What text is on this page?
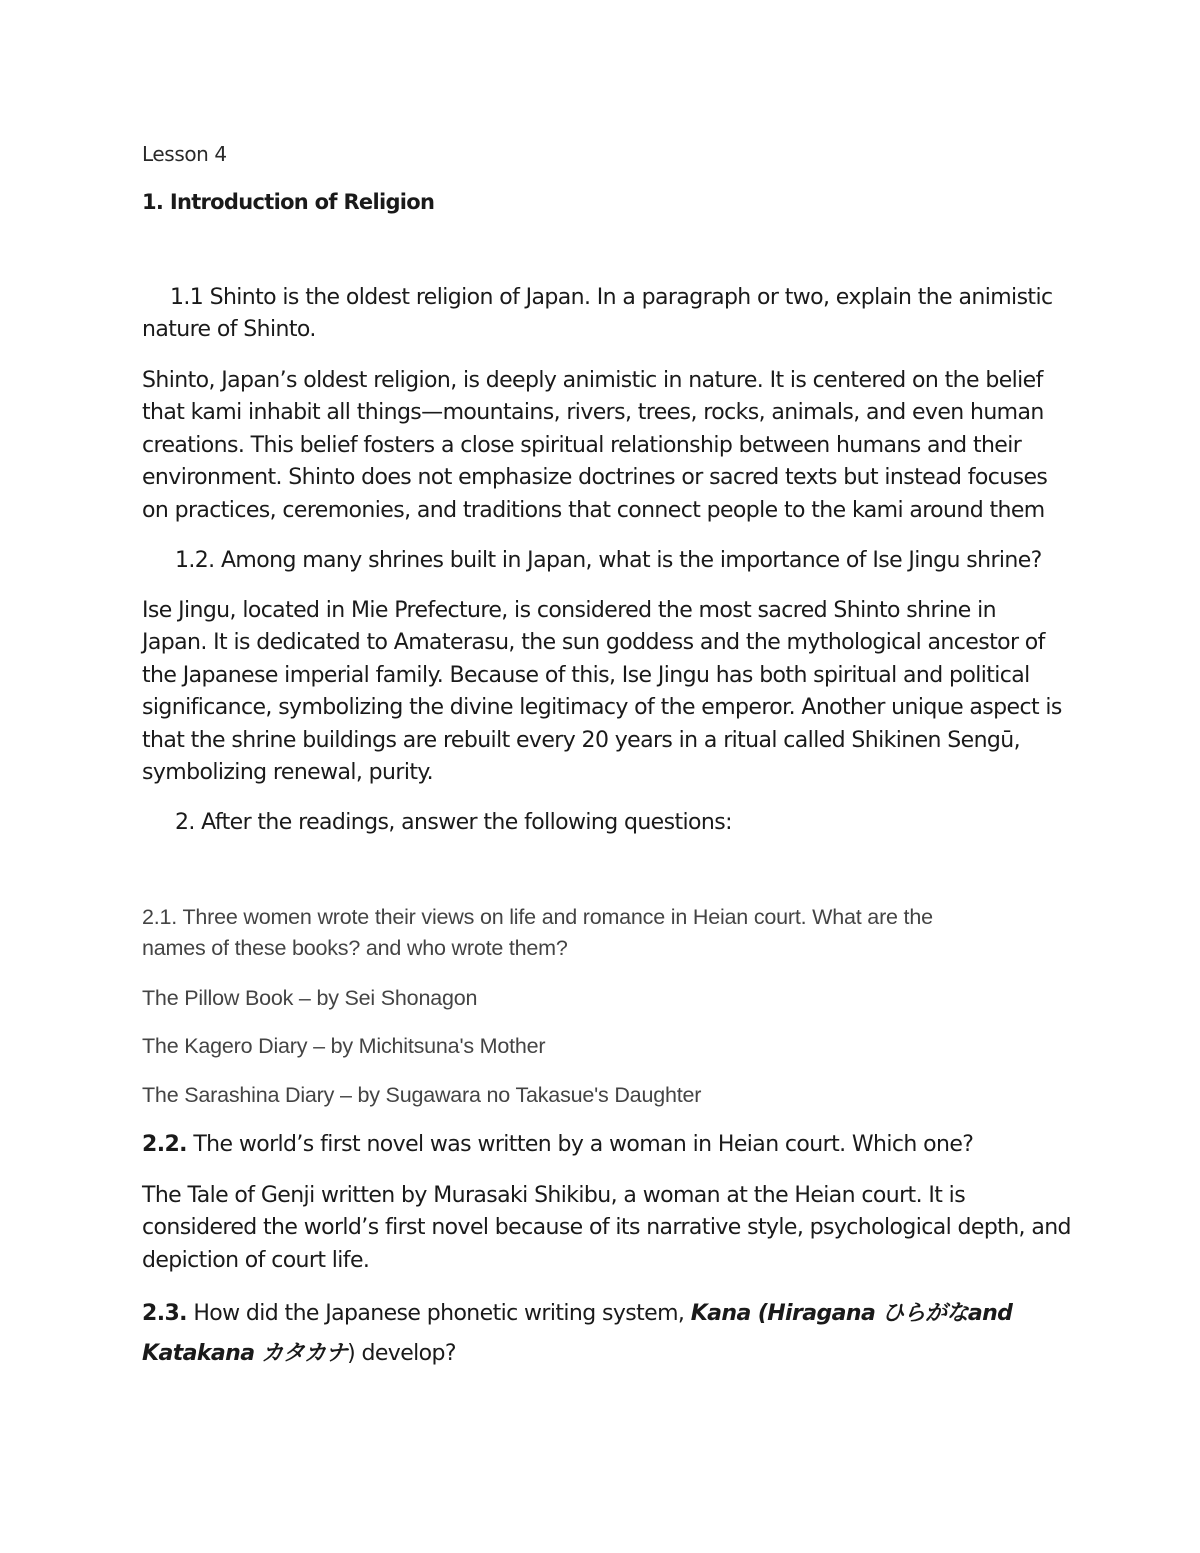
Lesson 4
1. Introduction of Religion
1.1 Shinto is the oldest religion of Japan. In a paragraph or two, explain the animistic
nature of Shinto.
Shinto, Japan’s oldest religion, is deeply animistic in nature. It is centered on the belief
that kami inhabit all things—mountains, rivers, trees, rocks, animals, and even human
creations. This belief fosters a close spiritual relationship between humans and their
environment. Shinto does not emphasize doctrines or sacred texts but instead focuses
on practices, ceremonies, and traditions that connect people to the kami around them
1.2. Among many shrines built in Japan, what is the importance of Ise Jingu shrine?
Ise Jingu, located in Mie Prefecture, is considered the most sacred Shinto shrine in
Japan. It is dedicated to Amaterasu, the sun goddess and the mythological ancestor of
the Japanese imperial family. Because of this, Ise Jingu has both spiritual and political
significance, symbolizing the divine legitimacy of the emperor. Another unique aspect is
that the shrine buildings are rebuilt every 20 years in a ritual called Shikinen Sengū,
symbolizing renewal, purity.
2. After the readings, answer the following questions:
2.1. Three women wrote their views on life and romance in Heian court. What are the
names of these books? and who wrote them?
The Pillow Book – by Sei Shonagon
The Kagero Diary – by Michitsuna's Mother
The Sarashina Diary – by Sugawara no Takasue's Daughter
2.2. The world’s first novel was written by a woman in Heian court. Which one?
The Tale of Genji written by Murasaki Shikibu, a woman at the Heian court. It is
considered the world’s first novel because of its narrative style, psychological depth, and
depiction of court life.
2.3. How did the Japanese phonetic writing system, Kana (Hiragana ひらがなand
Katakana カタカナ) develop?
